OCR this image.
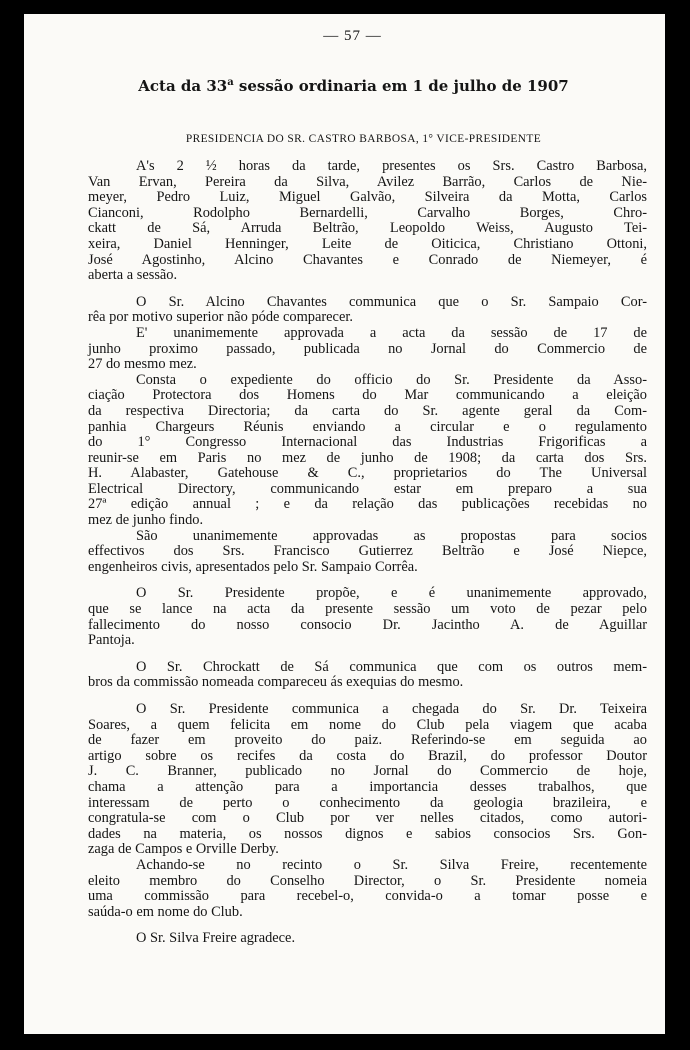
— 57 —
Acta da 33$^a$ sessão ordinaria em 1 de julho de 1907
PRESIDENCIA DO SR. CASTRO BARBOSA, 1° VICE-PRESIDENTE

A's 2 ½ horas da tarde, presentes os Srs. Castro Barbosa,
Van Ervan, Pereira da Silva, Avilez Barrão, Carlos de Nie-
meyer, Pedro Luiz, Miguel Galvão, Silveira da Motta, Carlos
Cianconi, Rodolpho Bernardelli, Carvalho Borges, Chro-
ckatt de Sá, Arruda Beltrão, Leopoldo Weiss, Augusto Tei-
xeira, Daniel Henninger, Leite de Oiticica, Christiano Ottoni,
José Agostinho, Alcino Chavantes e Conrado de Niemeyer, é
aberta a sessão.

O Sr. Alcino Chavantes communica que o Sr. Sampaio Cor-
rêa por motivo superior não póde comparecer.
E' unanimemente approvada a acta da sessão de 17 de
junho proximo passado, publicada no Jornal do Commercio de
27 do mesmo mez.
Consta o expediente do officio do Sr. Presidente da Asso-
ciação Protectora dos Homens do Mar communicando a eleição
da respectiva Directoria; da carta do Sr. agente geral da Com-
panhia Chargeurs Réunis enviando a circular e o regulamento
do 1° Congresso Internacional das Industrias Frigorificas a
reunir-se em Paris no mez de junho de 1908; da carta dos Srs.
H. Alabaster, Gatehouse & C., proprietarios do The Universal
Electrical Directory, communicando estar em preparo a sua
27ª edição annual ; e da relação das publicações recebidas no
mez de junho findo.
São unanimemente approvadas as propostas para socios
effectivos dos Srs. Francisco Gutierrez Beltrão e José Niepce,
engenheiros civis, apresentados pelo Sr. Sampaio Corrêa.

O Sr. Presidente propõe, e é unanimemente approvado,
que se lance na acta da presente sessão um voto de pezar pelo
fallecimento do nosso consocio Dr. Jacintho A. de Aguillar
Pantoja.

O Sr. Chrockatt de Sá communica que com os outros mem-
bros da commissão nomeada compareceu ás exequias do mesmo.

O Sr. Presidente communica a chegada do Sr. Dr. Teixeira
Soares, a quem felicita em nome do Club pela viagem que acaba
de fazer em proveito do paiz. Referindo-se em seguida ao
artigo sobre os recifes da costa do Brazil, do professor Doutor
J. C. Branner, publicado no Jornal do Commercio de hoje,
chama a attenção para a importancia desses trabalhos, que
interessam de perto o conhecimento da geologia brazileira, e
congratula-se com o Club por ver nelles citados, como autori-
dades na materia, os nossos dignos e sabios consocios Srs. Gon-
zaga de Campos e Orville Derby.
Achando-se no recinto o Sr. Silva Freire, recentemente
eleito membro do Conselho Director, o Sr. Presidente nomeia
uma commissão para recebel-o, convida-o a tomar posse e
saúda-o em nome do Club.

O Sr. Silva Freire agradece.
